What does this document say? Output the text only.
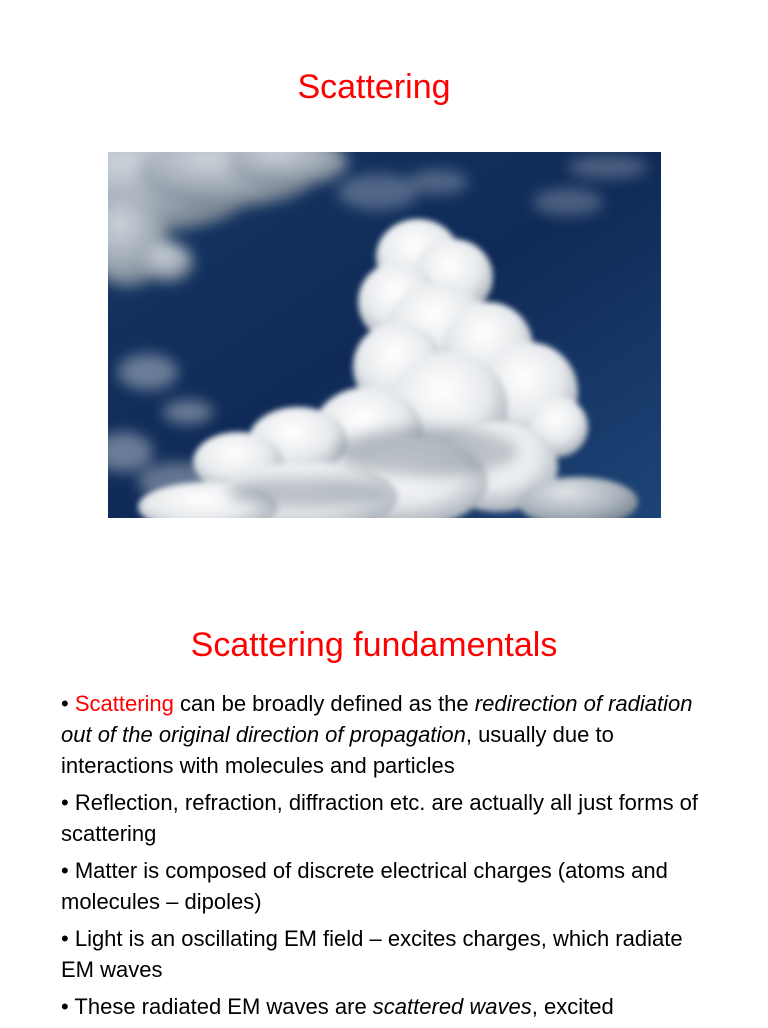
Scattering
Scattering fundamentals
• Scattering can be broadly defined as the redirection of radiation out of the original direction of propagation, usually due to interactions with molecules and particles
• Reflection, refraction, diffraction etc. are actually all just forms of scattering
• Matter is composed of discrete electrical charges (atoms and molecules – dipoles)
• Light is an oscillating EM field – excites charges, which radiate EM waves
• These radiated EM waves are scattered waves, excited
